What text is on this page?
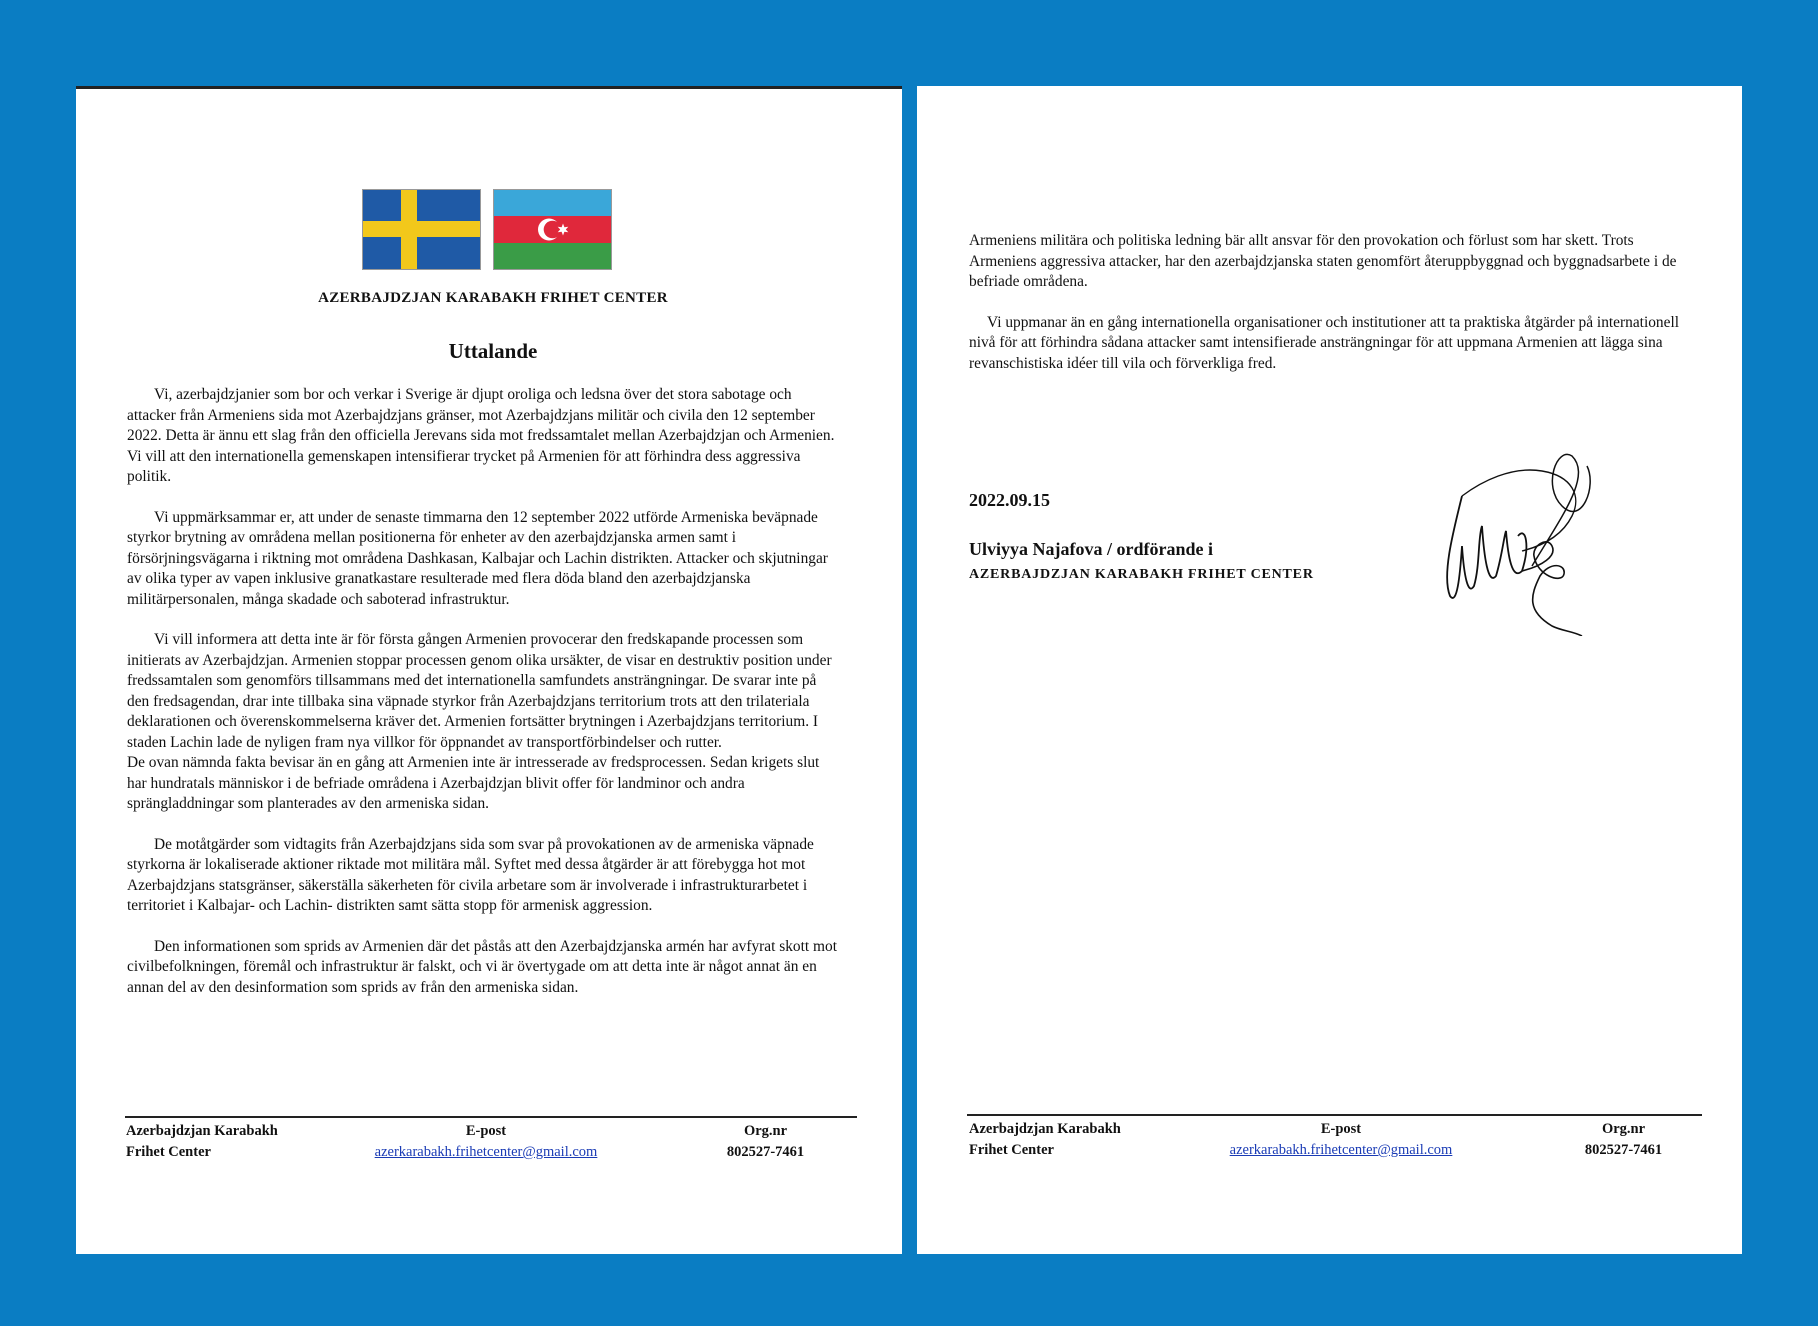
AZERBAJDZJAN KARABAKH FRIHET CENTER
Uttalande

Vi, azerbajdzjanier som bor och verkar i Sverige är djupt oroliga och ledsna över det stora sabotage och attacker från Armeniens sida mot Azerbajdzjans gränser, mot Azerbajdzjans militär och civila den 12 september 2022. Detta är ännu ett slag från den officiella Jerevans sida mot fredssamtalet mellan Azerbajdzjan och Armenien. Vi vill att den internationella gemenskapen intensifierar trycket på Armenien för att förhindra dess aggressiva politik.

Vi uppmärksammar er, att under de senaste timmarna den 12 september 2022 utförde Armeniska beväpnade styrkor brytning av områdena mellan positionerna för enheter av den azerbajdzjanska armen samt i försörjningsvägarna i riktning mot områdena Dashkasan, Kalbajar och Lachin distrikten. Attacker och skjutningar av olika typer av vapen inklusive granatkastare resulterade med flera döda bland den azerbajdzjanska militärpersonalen, många skadade och saboterad infrastruktur.

Vi vill informera att detta inte är för första gången Armenien provocerar den fredskapande processen som initierats av Azerbajdzjan. Armenien stoppar processen genom olika ursäkter, de visar en destruktiv position under fredssamtalen som genomförs tillsammans med det internationella samfundets ansträngningar. De svarar inte på den fredsagendan, drar inte tillbaka sina väpnade styrkor från Azerbajdzjans territorium trots att den trilateriala deklarationen och överenskommelserna kräver det. Armenien fortsätter brytningen i Azerbajdzjans territorium. I staden Lachin lade de nyligen fram nya villkor för öppnandet av transportförbindelser och rutter.

De ovan nämnda fakta bevisar än en gång att Armenien inte är intresserade av fredsprocessen. Sedan krigets slut har hundratals människor i de befriade områdena i Azerbajdzjan blivit offer för landminor och andra sprängladdningar som planterades av den armeniska sidan.

De motåtgärder som vidtagits från Azerbajdzjans sida som svar på provokationen av de armeniska väpnade styrkorna är lokaliserade aktioner riktade mot militära mål. Syftet med dessa åtgärder är att förebygga hot mot Azerbajdzjans statsgränser, säkerställa säkerheten för civila arbetare som är involverade i infrastrukturarbetet i territoriet i Kalbajar- och Lachin- distrikten samt sätta stopp för armenisk aggression.

Den informationen som sprids av Armenien där det påstås att den Azerbajdzjanska armén har avfyrat skott mot civilbefolkningen, föremål och infrastruktur är falskt, och vi är övertygade om att detta inte är något annat än en annan del av den desinformation som sprids av från den armeniska sidan.

Azerbajdzjan Karabakh
Frihet Center
E-post
azerkarabakh.frihetcenter@gmail.com
Org.nr
802527-7461

Armeniens militära och politiska ledning bär allt ansvar för den provokation och förlust som har skett. Trots Armeniens aggressiva attacker, har den azerbajdzjanska staten genomfört återuppbyggnad och byggnadsarbete i de befriade områdena.

Vi uppmanar än en gång internationella organisationer och institutioner att ta praktiska åtgärder på internationell nivå för att förhindra sådana attacker samt intensifierade ansträngningar för att uppmana Armenien att lägga sina revanschistiska idéer till vila och förverkliga fred.

2022.09.15
Ulviyya Najafova / ordförande i
AZERBAJDZJAN KARABAKH FRIHET CENTER
Azerbajdzjan Karabakh
Frihet Center
E-post
azerkarabakh.frihetcenter@gmail.com
Org.nr
802527-7461
